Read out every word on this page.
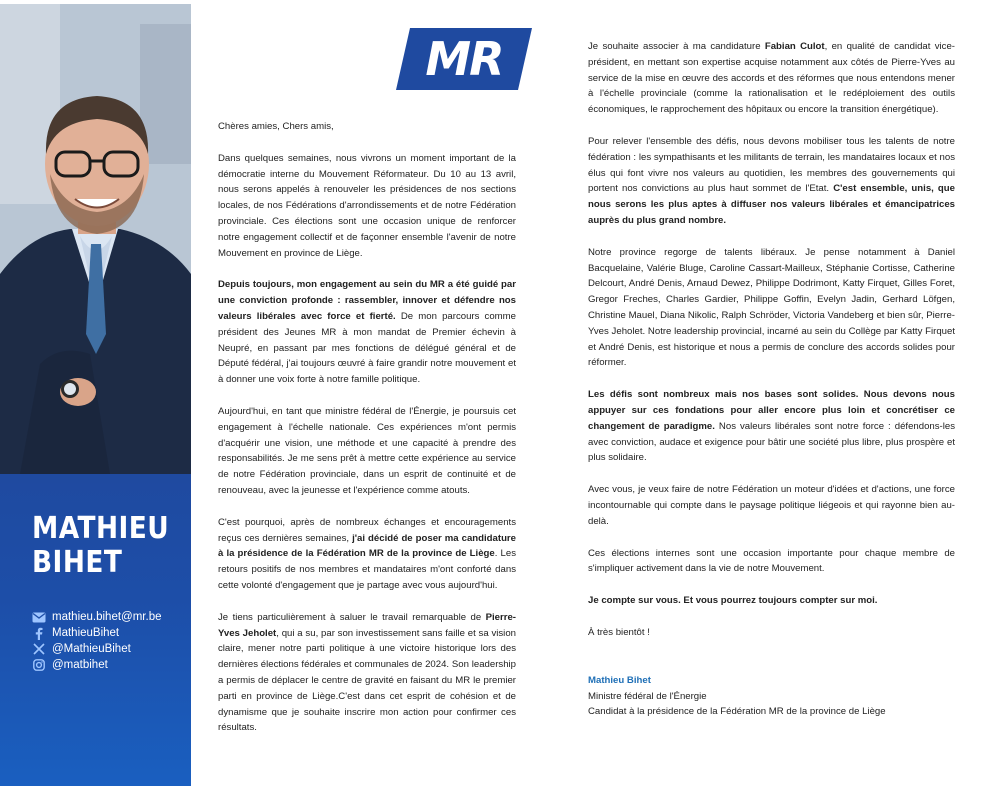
MATHIEU
BIHET
mathieu.bihet@mr.be
MathieuBihet
@MathieuBihet
@matbihet
MR

Chères amies, Chers amis,

Dans quelques semaines, nous vivrons un moment important de la démocratie interne du Mouvement Réformateur. Du 10 au 13 avril, nous serons appelés à renouveler les présidences de nos sections locales, de nos Fédérations d'arrondissements et de notre Fédération provinciale. Ces élections sont une occasion unique de renforcer notre engagement collectif et de façonner ensemble l'avenir de notre Mouvement en province de Liège.

Depuis toujours, mon engagement au sein du MR a été guidé par une conviction profonde : rassembler, innover et défendre nos valeurs libérales avec force et fierté. De mon parcours comme président des Jeunes MR à mon mandat de Premier échevin à Neupré, en passant par mes fonctions de délégué général et de Député fédéral, j'ai toujours œuvré à faire grandir notre mouvement et à donner une voix forte à notre famille politique.

Aujourd'hui, en tant que ministre fédéral de l'Énergie, je poursuis cet engagement à l'échelle nationale. Ces expériences m'ont permis d'acquérir une vision, une méthode et une capacité à prendre des responsabilités. Je me sens prêt à mettre cette expérience au service de notre Fédération provinciale, dans un esprit de continuité et de renouveau, avec la jeunesse et l'expérience comme atouts.

C'est pourquoi, après de nombreux échanges et encouragements reçus ces dernières semaines, j'ai décidé de poser ma candidature à la présidence de la Fédération MR de la province de Liège. Les retours positifs de nos membres et mandataires m'ont conforté dans cette volonté d'engagement que je partage avec vous aujourd'hui.

Je tiens particulièrement à saluer le travail remarquable de Pierre-Yves Jeholet, qui a su, par son investissement sans faille et sa vision claire, mener notre parti politique à une victoire historique lors des dernières élections fédérales et communales de 2024. Son leadership a permis de déplacer le centre de gravité en faisant du MR le premier parti en province de Liège.C'est dans cet esprit de cohésion et de dynamisme que je souhaite inscrire mon action pour confirmer ces résultats.

Je souhaite associer à ma candidature Fabian Culot, en qualité de candidat vice-président, en mettant son expertise acquise notamment aux côtés de Pierre-Yves au service de la mise en œuvre des accords et des réformes que nous entendons mener à l'échelle provinciale (comme la rationalisation et le redéploiement des outils économiques, le rapprochement des hôpitaux ou encore la transition énergétique).

Pour relever l'ensemble des défis, nous devons mobiliser tous les talents de notre fédération : les sympathisants et les militants de terrain, les mandataires locaux et nos élus qui font vivre nos valeurs au quotidien, les membres des gouvernements qui portent nos convictions au plus haut sommet de l'Etat. C'est ensemble, unis, que nous serons les plus aptes à diffuser nos valeurs libérales et émancipatrices auprès du plus grand nombre.

Notre province regorge de talents libéraux. Je pense notamment à Daniel Bacquelaine, Valérie Bluge, Caroline Cassart-Mailleux, Stéphanie Cortisse, Catherine Delcourt, André Denis, Arnaud Dewez, Philippe Dodrimont, Katty Firquet, Gilles Foret, Gregor Freches, Charles Gardier, Philippe Goffin, Evelyn Jadin, Gerhard Löfgen, Christine Mauel, Diana Nikolic, Ralph Schröder, Victoria Vandeberg et bien sûr, Pierre-Yves Jeholet. Notre leadership provincial, incarné au sein du Collège par Katty Firquet et André Denis, est historique et nous a permis de conclure des accords solides pour réformer.

Les défis sont nombreux mais nos bases sont solides. Nous devons nous appuyer sur ces fondations pour aller encore plus loin et concrétiser ce changement de paradigme. Nos valeurs libérales sont notre force : défendons-les avec conviction, audace et exigence pour bâtir une société plus libre, plus prospère et plus solidaire.

Avec vous, je veux faire de notre Fédération un moteur d'idées et d'actions, une force incontournable qui compte dans le paysage politique liégeois et qui rayonne bien au-delà.

Ces élections internes sont une occasion importante pour chaque membre de s'impliquer activement dans la vie de notre Mouvement.

Je compte sur vous. Et vous pourrez toujours compter sur moi.

À très bientôt !

Mathieu Bihet

Ministre fédéral de l'Énergie

Candidat à la présidence de la Fédération MR de la province de Liège
